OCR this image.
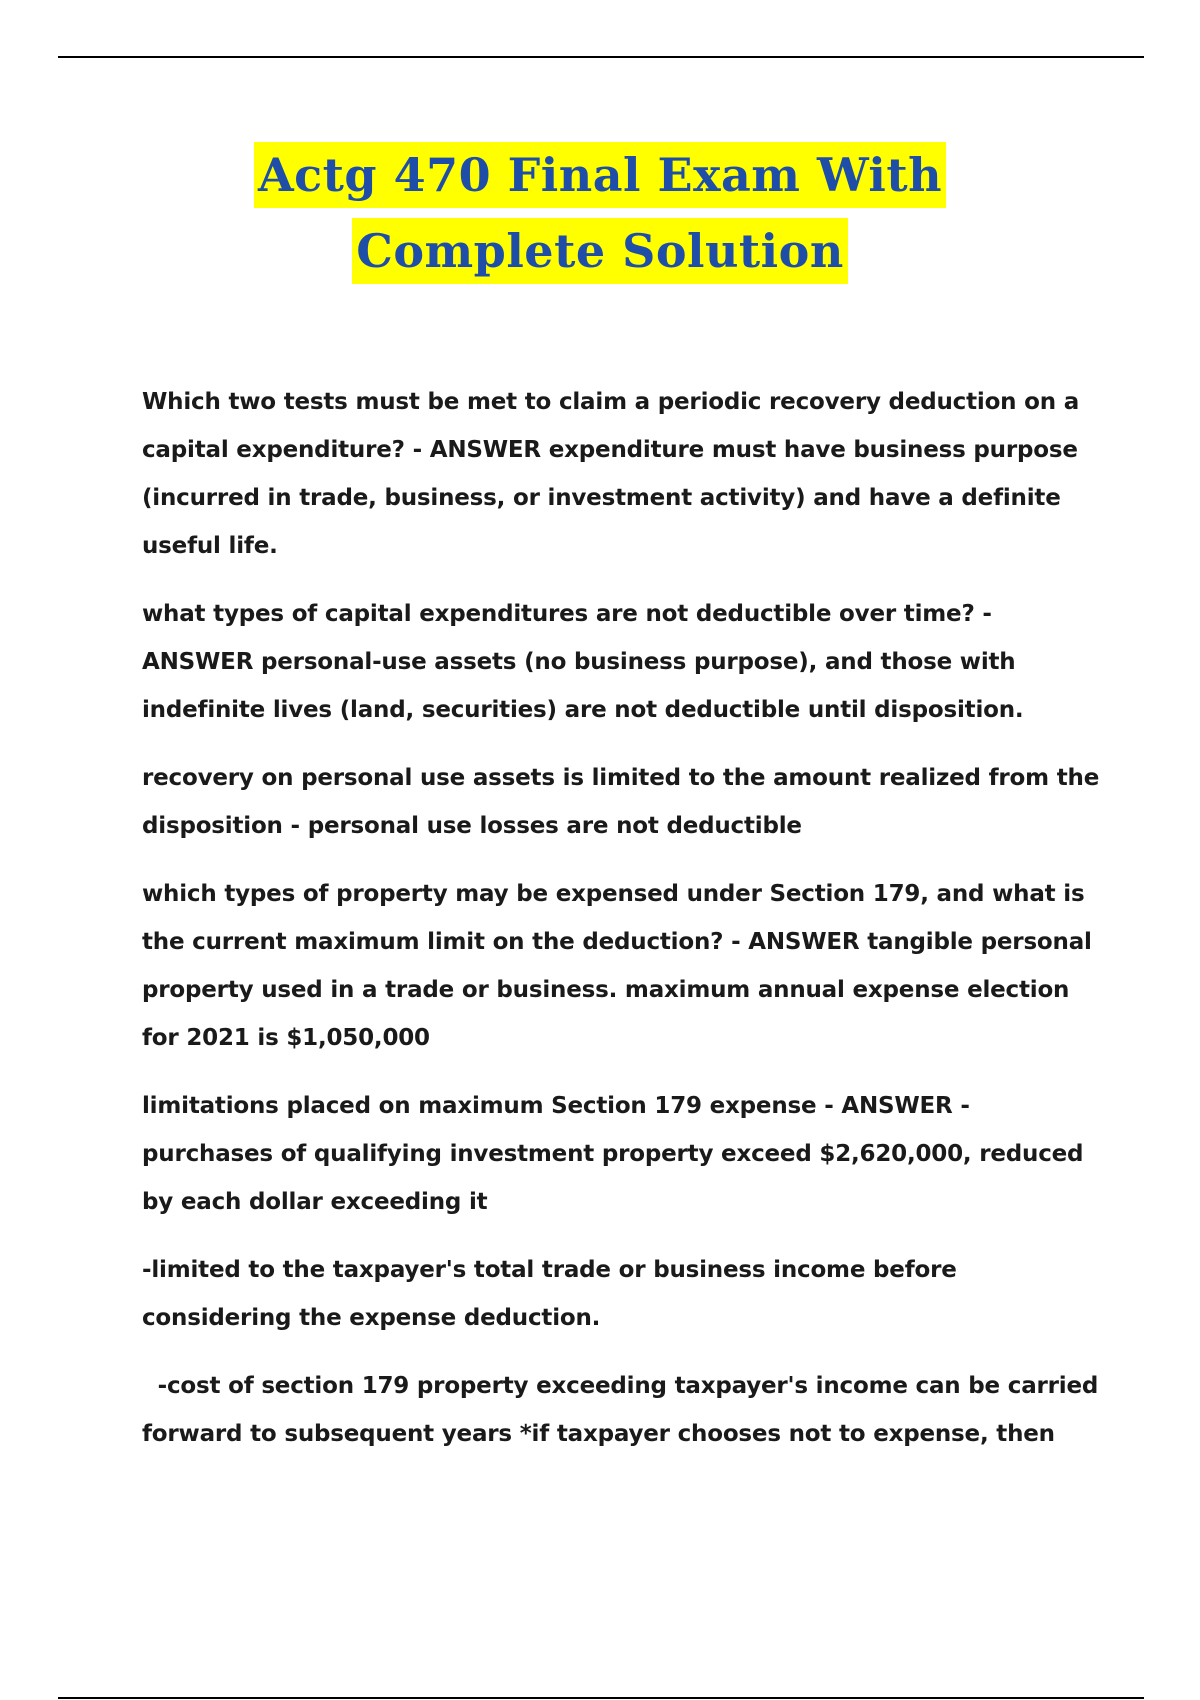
Actg 470 Final Exam With
Complete Solution

Which two tests must be met to claim a periodic recovery deduction on a capital expenditure? - ANSWER expenditure must have business purpose (incurred in trade, business, or investment activity) and have a definite useful life.

what types of capital expenditures are not deductible over time? - ANSWER personal-use assets (no business purpose), and those with indefinite lives (land, securities) are not deductible until disposition.

recovery on personal use assets is limited to the amount realized from the disposition - personal use losses are not deductible

which types of property may be expensed under Section 179, and what is the current maximum limit on the deduction? - ANSWER tangible personal property used in a trade or business. maximum annual expense election for 2021 is $1,050,000

limitations placed on maximum Section 179 expense - ANSWER - purchases of qualifying investment property exceed $2,620,000, reduced by each dollar exceeding it

-limited to the taxpayer's total trade or business income before considering the expense deduction.

-cost of section 179 property exceeding taxpayer's income can be carried forward to subsequent years *if taxpayer chooses not to expense, then
